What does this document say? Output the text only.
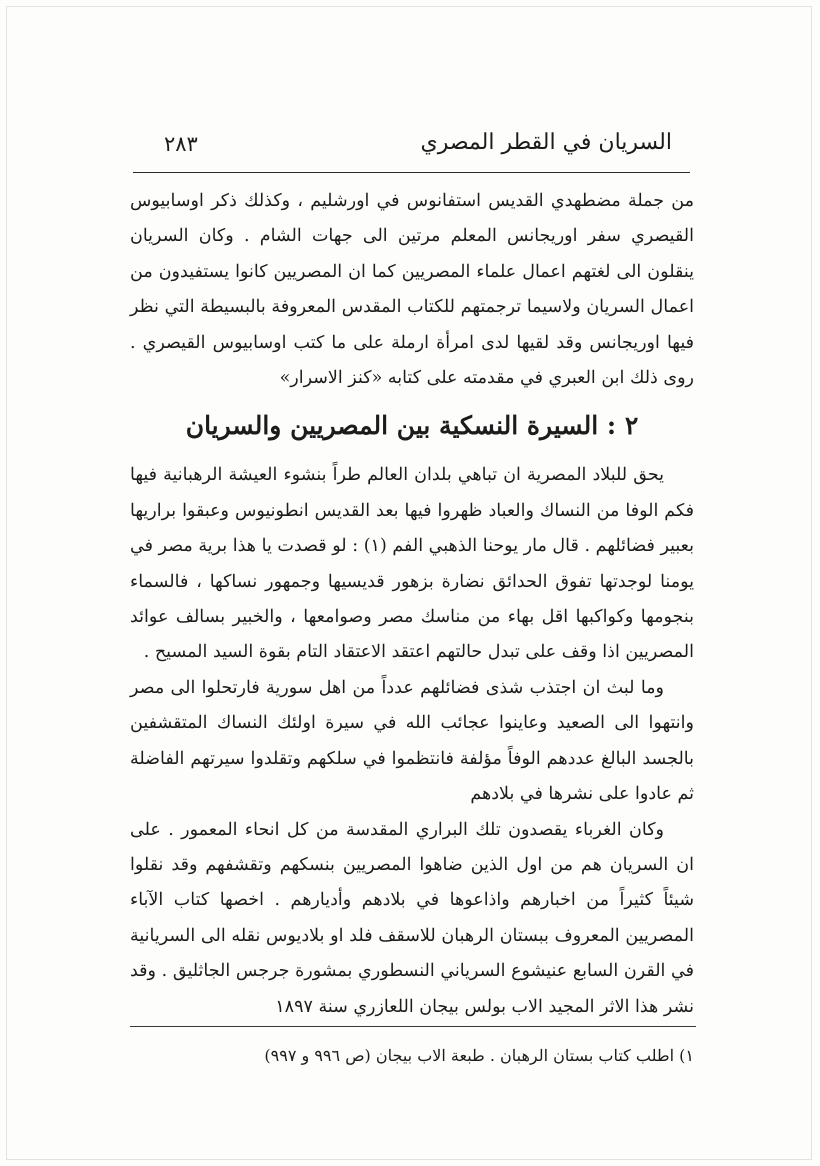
٢٨٣	السريان في القطر المصري

من جملة مضطهدي القديس استفانوس في اورشليم ، وكذلك ذكر اوسابيوس القيصري سفر اوريجانس المعلم مرتين الى جهات الشام . وكان السريان ينقلون الى لغتهم اعمال علماء المصريين كما ان المصريين كانوا يستفيدون من اعمال السريان ولاسيما ترجمتهم للكتاب المقدس المعروفة بالبسيطة التي نظر فيها اوريجانس وقد لقيها لدى امرأة ارملة على ما كتب اوسابيوس القيصري . روى ذلك ابن العبري في مقدمته على كتابه «كنز الاسرار»

٢ : السيرة النسكية بين المصريين والسريان

يحق للبلاد المصرية ان تباهي بلدان العالم طراً بنشوء العيشة الرهبانية فيها فكم الوفا من النساك والعباد ظهروا فيها بعد القديس انطونيوس وعبقوا براريها بعبير فضائلهم . قال مار يوحنا الذهبي الفم (١) : لو قصدت يا هذا برية مصر في يومنا لوجدتها تفوق الحدائق نضارة بزهور قديسيها وجمهور نساكها ، فالسماء بنجومها وكواكبها اقل بهاء من مناسك مصر وصوامعها ، والخبير بسالف عوائد المصريين اذا وقف على تبدل حالتهم اعتقد الاعتقاد التام بقوة السيد المسيح .

وما لبث ان اجتذب شذى فضائلهم عدداً من اهل سورية فارتحلوا الى مصر وانتهوا الى الصعيد وعاينوا عجائب الله في سيرة اولئك النساك المتقشفين بالجسد البالغ عددهم الوفاً مؤلفة فانتظموا في سلكهم وتقلدوا سيرتهم الفاضلة ثم عادوا على نشرها في بلادهم

وكان الغرباء يقصدون تلك البراري المقدسة من كل انحاء المعمور . على ان السريان هم من اول الذين ضاهوا المصريين بنسكهم وتقشفهم وقد نقلوا شيئاً كثيراً من اخبارهم واذاعوها في بلادهم وأديارهم . اخصها كتاب الآباء المصريين المعروف ببستان الرهبان للاسقف فلد او بلاديوس نقله الى السريانية في القرن السابع عنيشوع السرياني النسطوري بمشورة جرجس الجاثليق . وقد نشر هذا الاثر المجيد الاب بولس بيجان اللعازري سنة ١٨٩٧

١) اطلب كتاب بستان الرهبان . طبعة الاب بيجان (ص ٩٩٦ و ٩٩٧)
